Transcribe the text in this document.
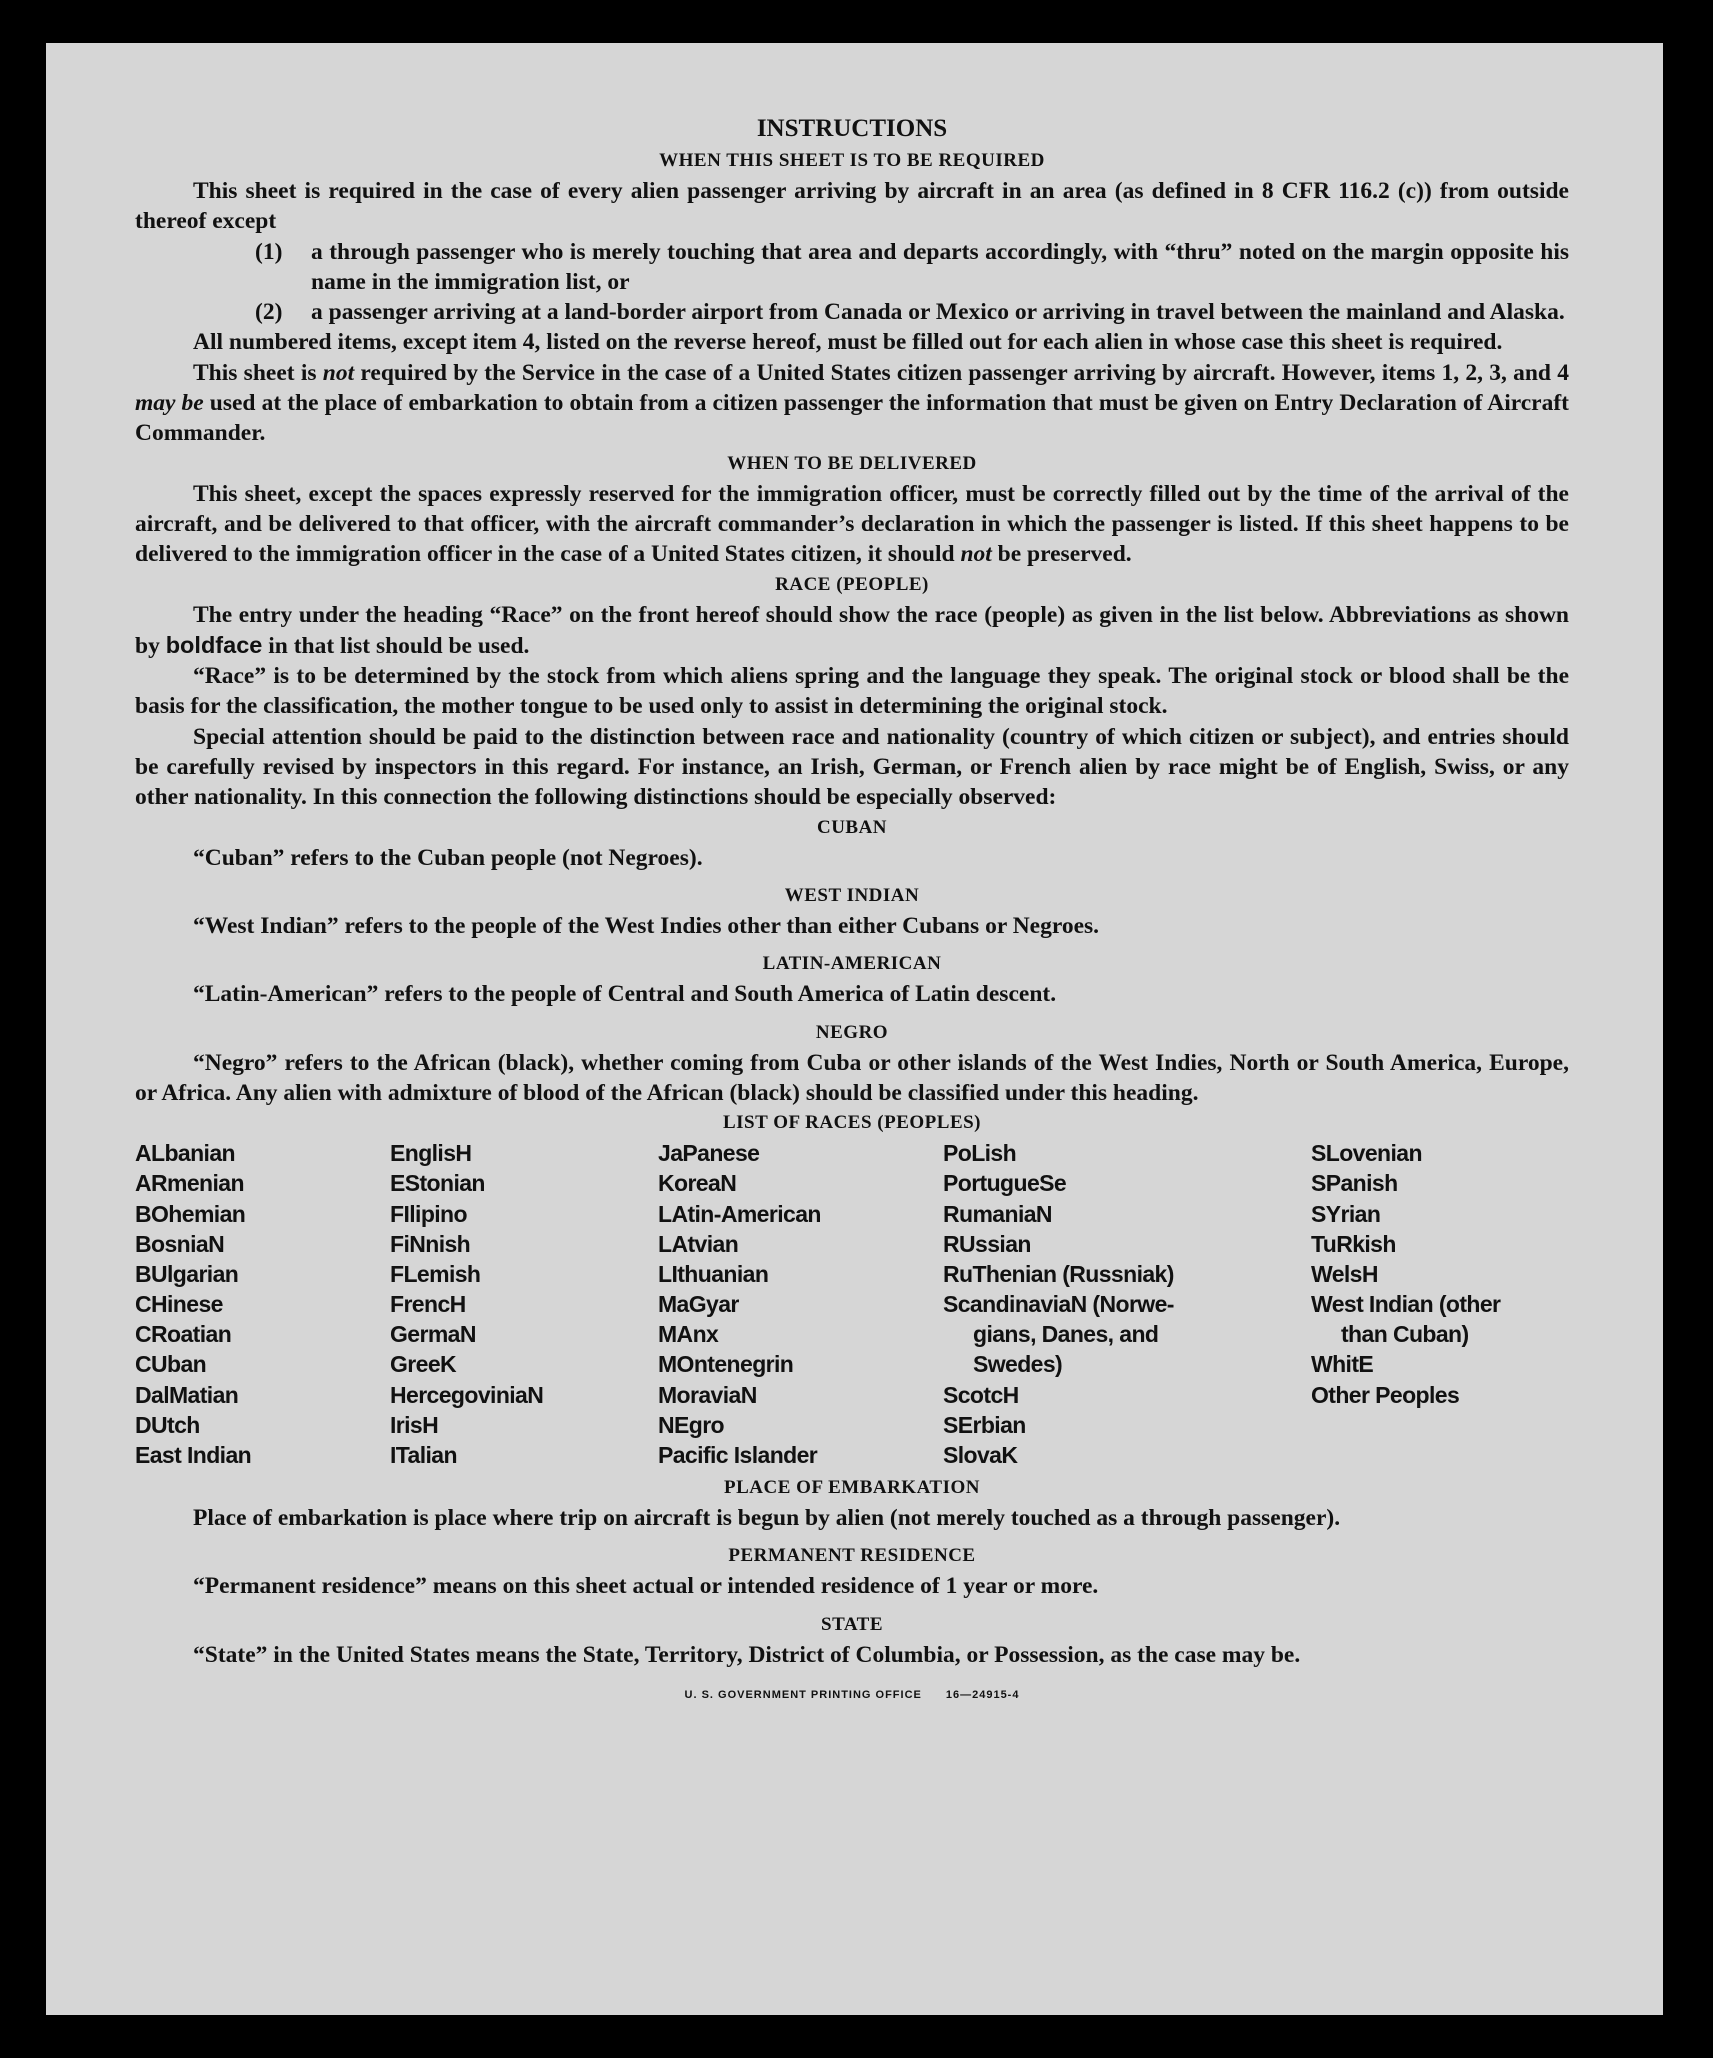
INSTRUCTIONS
WHEN THIS SHEET IS TO BE REQUIRED

This sheet is required in the case of every alien passenger arriving by aircraft in an area (as defined in 8 CFR 116.2 (c)) from outside thereof except

(1)	a through passenger who is merely touching that area and departs accordingly, with “thru” noted on the margin opposite his name in the immigration list, or
(2)	a passenger arriving at a land-border airport from Canada or Mexico or arriving in travel between the mainland and Alaska.

All numbered items, except item 4, listed on the reverse hereof, must be filled out for each alien in whose case this sheet is required.

This sheet is not required by the Service in the case of a United States citizen passenger arriving by aircraft. However, items 1, 2, 3, and 4 may be used at the place of embarkation to obtain from a citizen passenger the information that must be given on Entry Declaration of Aircraft Commander.

WHEN TO BE DELIVERED

This sheet, except the spaces expressly reserved for the immigration officer, must be correctly filled out by the time of the arrival of the aircraft, and be delivered to that officer, with the aircraft commander’s declaration in which the passenger is listed. If this sheet happens to be delivered to the immigration officer in the case of a United States citizen, it should not be preserved.

RACE (PEOPLE)

The entry under the heading “Race” on the front hereof should show the race (people) as given in the list below. Abbreviations as shown by boldface in that list should be used.

“Race” is to be determined by the stock from which aliens spring and the language they speak. The original stock or blood shall be the basis for the classification, the mother tongue to be used only to assist in determining the original stock.

Special attention should be paid to the distinction between race and nationality (country of which citizen or subject), and entries should be carefully revised by inspectors in this regard. For instance, an Irish, German, or French alien by race might be of English, Swiss, or any other nationality. In this connection the following distinctions should be especially observed:

CUBAN

“Cuban” refers to the Cuban people (not Negroes).

WEST INDIAN

“West Indian” refers to the people of the West Indies other than either Cubans or Negroes.

LATIN-AMERICAN

“Latin-American” refers to the people of Central and South America of Latin descent.

NEGRO

“Negro” refers to the African (black), whether coming from Cuba or other islands of the West Indies, North or South America, Europe, or Africa. Any alien with admixture of blood of the African (black) should be classified under this heading.

LIST OF RACES (PEOPLES)
ALbanian
ARmenian
BOhemian
BosniaN
BUlgarian
CHinese
CRoatian
CUban
DalMatian
DUtch
East Indian
EnglisH
EStonian
FIlipino
FiNnish
FLemish
FrencH
GermaN
GreeK
HercegoviniaN
IrisH
ITalian
JaPanese
KoreaN
LAtin-American
LAtvian
LIthuanian
MaGyar
MAnx
MOntenegrin
MoraviaN
NEgro
Pacific Islander
PoLish
PortugueSe
RumaniaN
RUssian
RuThenian (Russniak)
ScandinaviaN (Norwe-
gians, Danes, and
Swedes)
ScotcH
SErbian
SlovaK
SLovenian
SPanish
SYrian
TuRkish
WelsH
West Indian (other
than Cuban)
WhitE
Other Peoples
PLACE OF EMBARKATION

Place of embarkation is place where trip on aircraft is begun by alien (not merely touched as a through passenger).

PERMANENT RESIDENCE

“Permanent residence” means on this sheet actual or intended residence of 1 year or more.

STATE

“State” in the United States means the State, Territory, District of Columbia, or Possession, as the case may be.

U. S. GOVERNMENT PRINTING OFFICE 16—24915-4
